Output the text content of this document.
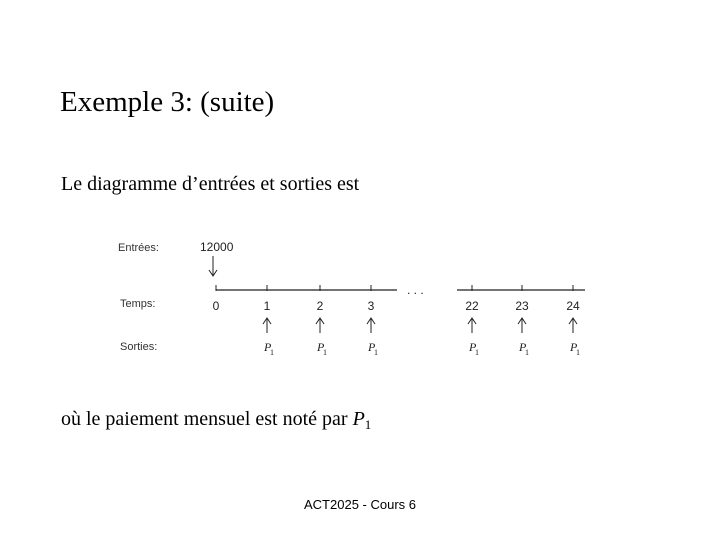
Exemple 3: (suite)
Le diagramme d’entrées et sorties est
Entrées:
Temps:
Sorties:
12000
. . .
0	1	2	3	22	23	24
P
1	P
1	P
1	P
1	P
1	P
1
où le paiement mensuel est noté par $P_1$
ACT2025 - Cours 6
